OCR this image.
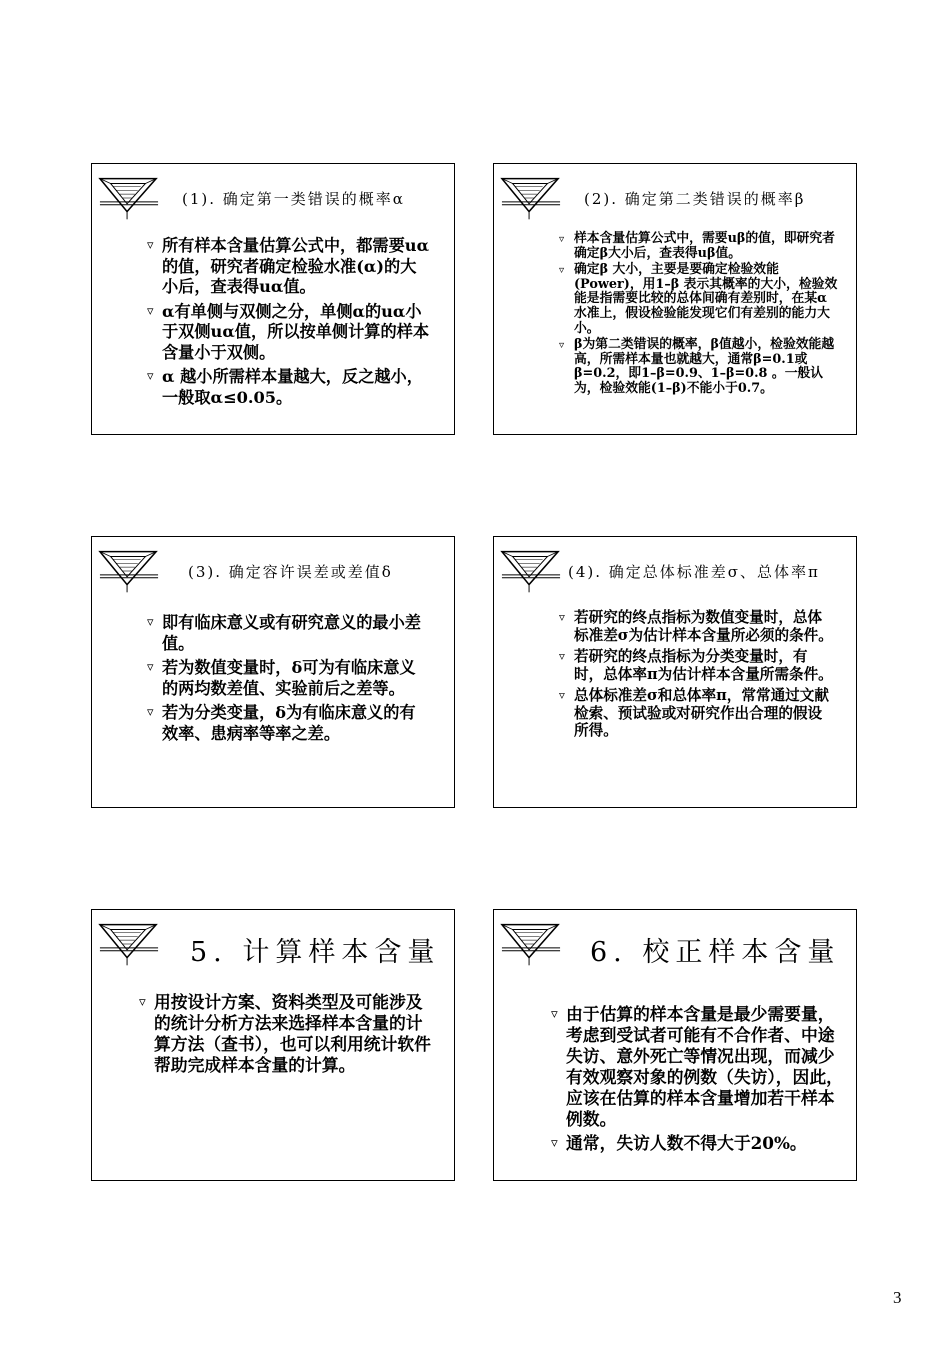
(1). 确定第一类错误的概率α
▿ 所有样本含量估算公式中，都需要uα的值，研究者确定检验水准(α)的大小后，查表得uα值。
▿ α有单侧与双侧之分，单侧α的uα小于双侧uα值，所以按单侧计算的样本含量小于双侧。
▿ α 越小所需样本量越大，反之越小，一般取α≤0.05。
(2). 确定第二类错误的概率β
▿ 样本含量估算公式中，需要uβ的值，即研究者确定β大小后，查表得uβ值。
▿ 确定β 大小，主要是要确定检验效能(Power)，用1–β 表示其概率的大小，检验效能是指需要比较的总体间确有差别时，在某α水准上，假设检验能发现它们有差别的能力大小。
▿ β为第二类错误的概率，β值越小，检验效能越高，所需样本量也就越大，通常β=0.1或β=0.2，即1–β=0.9、1–β=0.8 。一般认为，检验效能(1–β)不能小于0.7。
(3). 确定容许误差或差值δ
▿ 即有临床意义或有研究意义的最小差值。
▿ 若为数值变量时，δ可为有临床意义的两均数差值、实验前后之差等。
▿ 若为分类变量，δ为有临床意义的有效率、患病率等率之差。
(4). 确定总体标准差σ、总体率π
▿ 若研究的终点指标为数值变量时，总体标准差σ为估计样本含量所必须的条件。
▿ 若研究的终点指标为分类变量时，有时，总体率π为估计样本含量所需条件。
▿ 总体标准差σ和总体率π，常常通过文献检索、预试验或对研究作出合理的假设所得。
5. 计算样本含量
▿ 用按设计方案、资料类型及可能涉及的统计分析方法来选择样本含量的计算方法（查书），也可以利用统计软件帮助完成样本含量的计算。
6. 校正样本含量
▿ 由于估算的样本含量是最少需要量，考虑到受试者可能有不合作者、中途失访、意外死亡等情况出现，而减少有效观察对象的例数（失访），因此，应该在估算的样本含量增加若干样本例数。
▿ 通常，失访人数不得大于20%。
3
